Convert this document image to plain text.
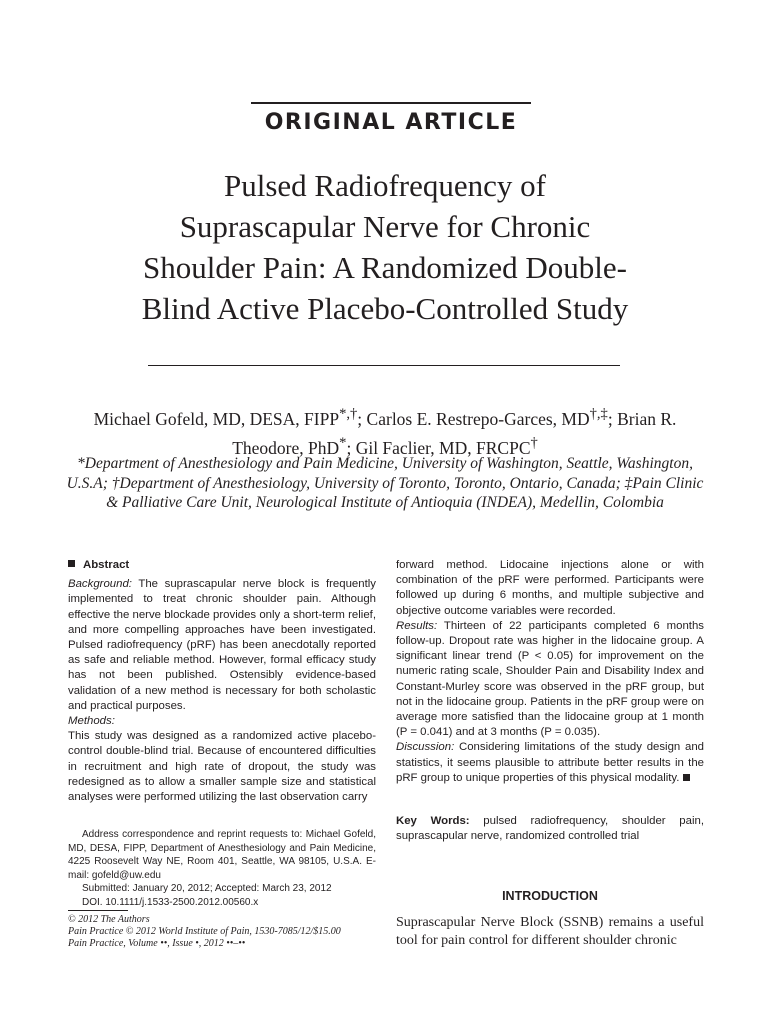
ORIGINAL ARTICLE
Pulsed Radiofrequency of Suprascapular Nerve for Chronic Shoulder Pain: A Randomized Double-Blind Active Placebo-Controlled Study
Michael Gofeld, MD, DESA, FIPP*,†; Carlos E. Restrepo-Garces, MD†,‡; Brian R. Theodore, PhD*; Gil Faclier, MD, FRCPC†
*Department of Anesthesiology and Pain Medicine, University of Washington, Seattle, Washington, U.S.A; †Department of Anesthesiology, University of Toronto, Toronto, Ontario, Canada; ‡Pain Clinic & Palliative Care Unit, Neurological Institute of Antioquia (INDEA), Medellin, Colombia
Abstract

Background: The suprascapular nerve block is frequently implemented to treat chronic shoulder pain. Although effective the nerve blockade provides only a short-term relief, and more compelling approaches have been investigated. Pulsed radiofrequency (pRF) has been anecdotally reported as safe and reliable method. However, formal efficacy study has not been published. Ostensibly evidence-based validation of a new method is necessary for both scholastic and practical purposes.

Methods:

This study was designed as a randomized active placebo-control double-blind trial. Because of encountered difficulties in recruitment and high rate of dropout, the study was redesigned as to allow a smaller sample size and statistical analyses were performed utilizing the last observation carry

forward method. Lidocaine injections alone or with combination of the pRF were performed. Participants were followed up during 6 months, and multiple subjective and objective outcome variables were recorded.

Results: Thirteen of 22 participants completed 6 months follow-up. Dropout rate was higher in the lidocaine group. A significant linear trend (P < 0.05) for improvement on the numeric rating scale, Shoulder Pain and Disability Index and Constant-Murley score was observed in the pRF group, but not in the lidocaine group. Patients in the pRF group were on average more satisfied than the lidocaine group at 1 month (P = 0.041) and at 3 months (P = 0.035).

Discussion: Considering limitations of the study design and statistics, it seems plausible to attribute better results in the pRF group to unique properties of this physical modality.

Address correspondence and reprint requests to: Michael Gofeld, MD, DESA, FIPP, Department of Anesthesiology and Pain Medicine, 4225 Roosevelt Way NE, Room 401, Seattle, WA 98105, U.S.A. E-mail: gofeld@uw.edu

Submitted: January 20, 2012; Accepted: March 23, 2012

DOI. 10.1111/j.1533-2500.2012.00560.x

© 2012 The Authors

Pain Practice © 2012 World Institute of Pain, 1530-7085/12/$15.00

Pain Practice, Volume ••, Issue •, 2012 ••–••

Key Words: pulsed radiofrequency, shoulder pain, suprascapular nerve, randomized controlled trial
INTRODUCTION

Suprascapular Nerve Block (SSNB) remains a useful tool for pain control for different shoulder chronic
